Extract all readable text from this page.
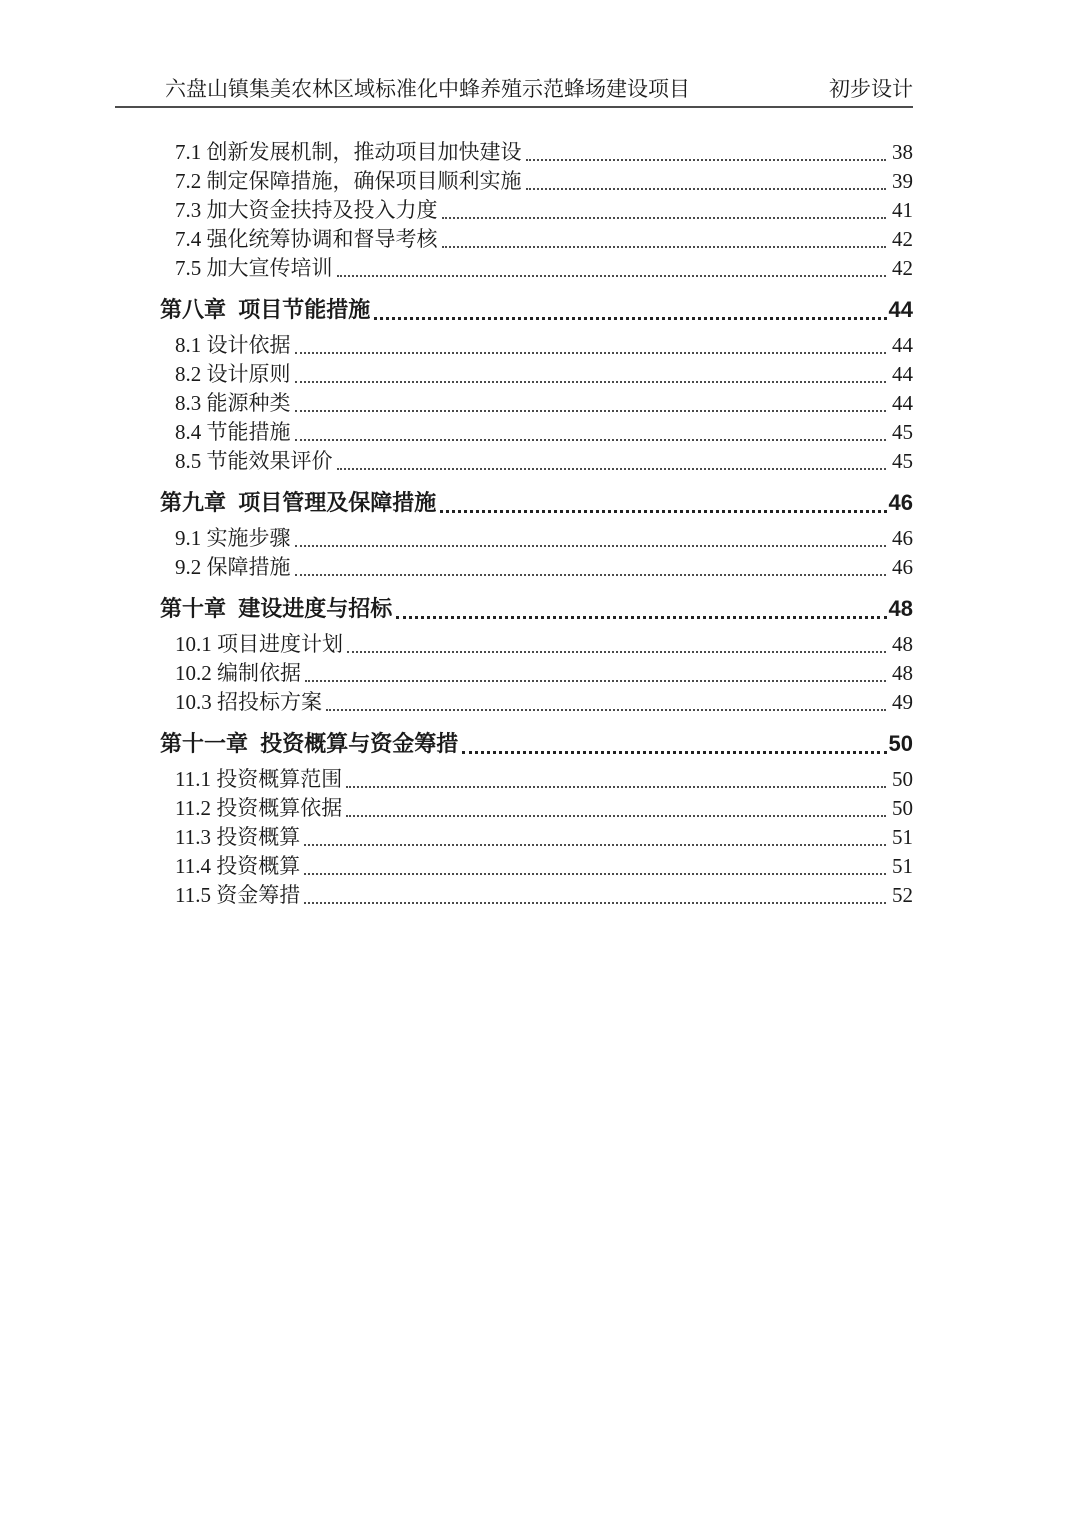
六盘山镇集美农林区域标准化中蜂养殖示范蜂场建设项目	初步设计
7.1 创新发展机制，推动项目加快建设	38
7.2 制定保障措施，确保项目顺利实施	39
7.3 加大资金扶持及投入力度	41
7.4 强化统筹协调和督导考核	42
7.5 加大宣传培训	42
第八章  项目节能措施	44
8.1 设计依据	44
8.2 设计原则	44
8.3 能源种类	44
8.4 节能措施	45
8.5 节能效果评价	45
第九章  项目管理及保障措施	46
9.1 实施步骤	46
9.2 保障措施	46
第十章  建设进度与招标	48
10.1 项目进度计划	48
10.2 编制依据	48
10.3 招投标方案	49
第十一章  投资概算与资金筹措	50
11.1 投资概算范围	50
11.2 投资概算依据	50
11.3 投资概算	51
11.4 投资概算	51
11.5 资金筹措	52
